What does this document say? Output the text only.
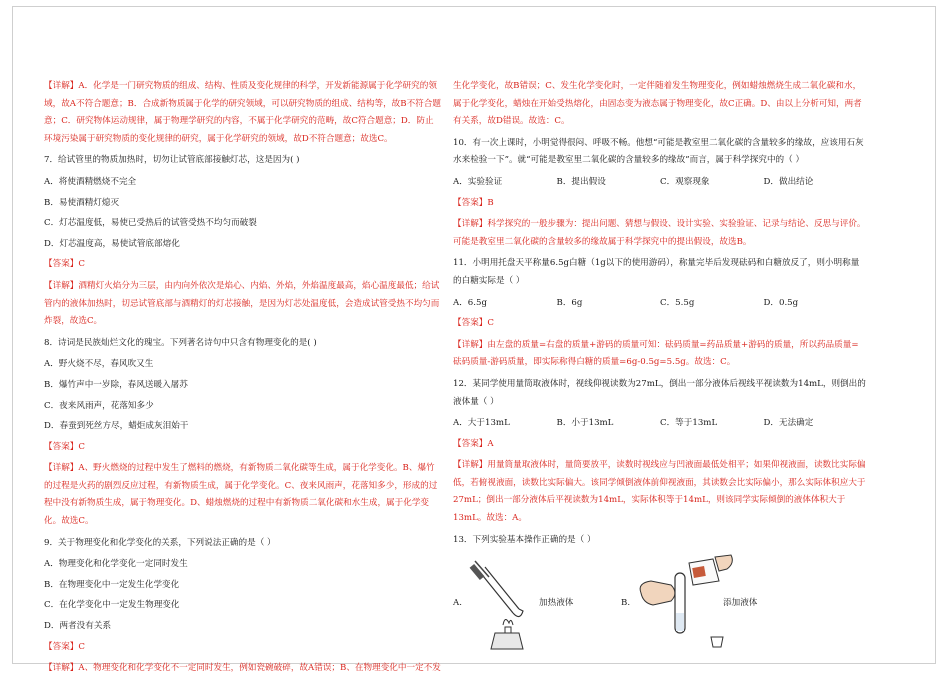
【详解】A．化学是一门研究物质的组成、结构、性质及变化规律的科学，开发新能源属于化学研究的领域，故A不符合题意；B．合成新物质属于化学的研究领域，可以研究物质的组成、结构等，故B不符合题意；C．研究物体运动规律，属于物理学研究的内容，不属于化学研究的范畴，故C符合题意；D．防止环境污染属于研究物质的变化规律的研究，属于化学研究的领域，故D不符合题意；故选C。

7．给试管里的物质加热时，切勿让试管底部接触灯芯，这是因为( )

A．将使酒精燃烧不完全

B．易使酒精灯熄灭

C．灯芯温度低，易使已受热后的试管受热不均匀而破裂

D．灯芯温度高，易使试管底部熔化

【答案】C

【详解】酒精灯火焰分为三层，由内向外依次是焰心、内焰、外焰，外焰温度最高，焰心温度最低；给试管内的液体加热时，切忌试管底部与酒精灯的灯芯接触，是因为灯芯处温度低，会造成试管受热不均匀而炸裂，故选C。

8．诗词是民族灿烂文化的瑰宝。下列著名诗句中只含有物理变化的是( )

A．野火烧不尽，春风吹又生

B．爆竹声中一岁除，春风送暖入屠苏

C．夜来风雨声，花落知多少

D．春蚕到死丝方尽，蜡炬成灰泪始干

【答案】C

【详解】A、野火燃烧的过程中发生了燃料的燃烧，有新物质二氧化碳等生成，属于化学变化。B、爆竹的过程是火药的剧烈反应过程，有新物质生成，属于化学变化。C、夜来风雨声，花落知多少，形成的过程中没有新物质生成，属于物理变化。D、蜡烛燃烧的过程中有新物质二氧化碳和水生成，属于化学变化。故选C。

9．关于物理变化和化学变化的关系，下列说法正确的是（ ）

A．物理变化和化学变化一定同时发生

B．在物理变化中一定发生化学变化

C．在化学变化中一定发生物理变化

D．两者没有关系

【答案】C

【详解】A、物理变化和化学变化不一定同时发生，例如瓷碗破碎，故A错误；B、在物理变化中一定不发

生化学变化，故B错误；C、发生化学变化时，一定伴随着发生物理变化，例如蜡烛燃烧生成二氧化碳和水，属于化学变化，蜡烛在开始受热熔化，由固态变为液态属于物理变化，故C正确。D、由以上分析可知，两者有关系，故D错误。故选：C。

10．有一次上课时，小明觉得很闷、呼吸不畅。他想“可能是教室里二氧化碳的含量较多的缘故，应该用石灰水来检验一下”。就“可能是教室里二氧化碳的含量较多的缘故”而言，属于科学探究中的（ ）

A．实验验证	B．提出假设	C．观察现象	D．做出结论

【答案】B

【详解】科学探究的一般步骤为：提出问题、猜想与假设、设计实验、实验验证、记录与结论、反思与评价。可能是教室里二氧化碳的含量较多的缘故属于科学探究中的提出假设，故选B。

11．小明用托盘天平称量6.5g白糖（1g以下的使用游码），称量完毕后发现砝码和白糖放反了，则小明称量的白糖实际是（ ）

A．6.5g	B．6g	C．5.5g	D．0.5g

【答案】C

【详解】由左盘的质量=右盘的质量+游码的质量可知：砝码质量=药品质量+游码的质量，所以药品质量=砝码质量-游码质量，即实际称得白糖的质量=6g-0.5g=5.5g。故选：C。

12．某同学使用量筒取液体时，视线仰视读数为27mL，倒出一部分液体后视线平视读数为14mL，则倒出的液体量（ ）

A．大于13mL	B．小于13mL	C．等于13mL	D．无法确定

【答案】A

【详解】用量筒量取液体时，量筒要放平，读数时视线应与凹液面最低处相平；如果仰视液面，读数比实际偏低，若俯视液面，读数比实际偏大。该同学倾倒液体前仰视液面，其读数会比实际偏小，那么实际体积应大于27mL；倒出一部分液体后平视读数为14mL，实际体积等于14mL，则该同学实际倾倒的液体体积大于13mL。故选：A。

13．下列实验基本操作正确的是（ ）

A.	加热液体	B.	添加液体
